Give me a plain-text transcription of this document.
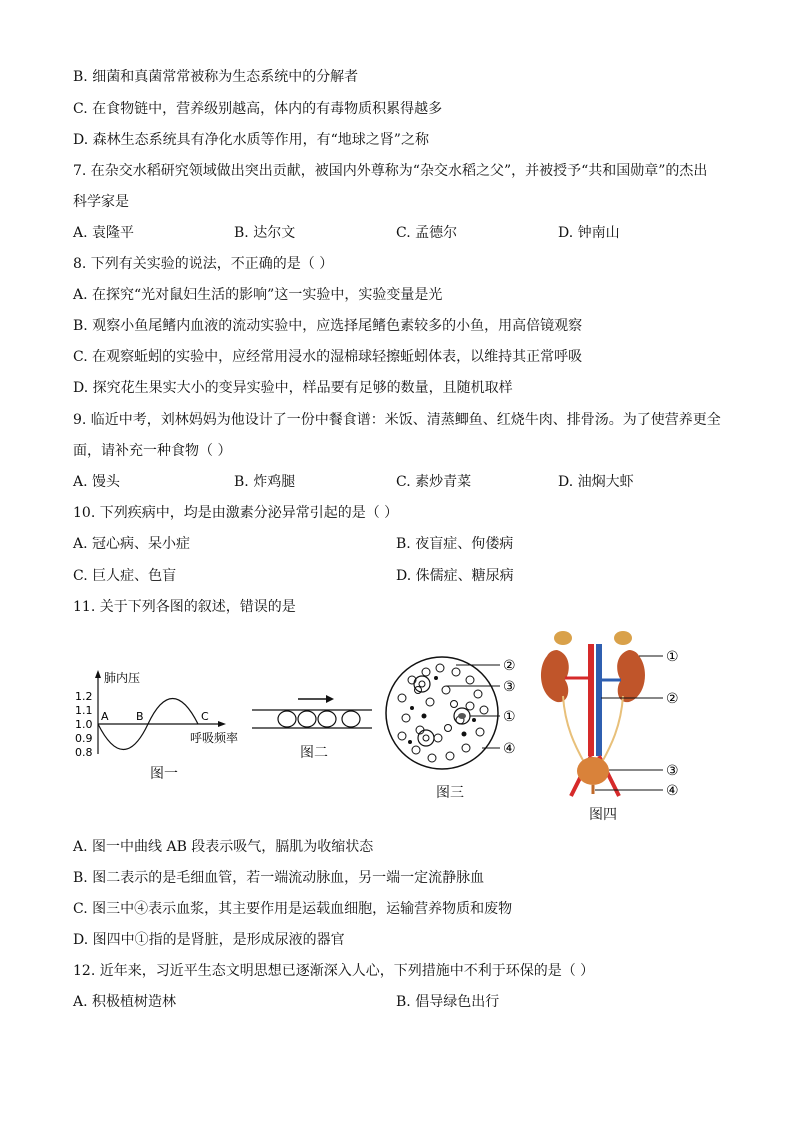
B. 细菌和真菌常常被称为生态系统中的分解者
C. 在食物链中，营养级别越高，体内的有毒物质积累得越多
D. 森林生态系统具有净化水质等作用，有“地球之肾”之称
7. 在杂交水稻研究领域做出突出贡献，被国内外尊称为“杂交水稻之父”，并被授予“共和国勋章”的杰出
科学家是
A. 袁隆平	B. 达尔文	C. 孟德尔	D. 钟南山
8. 下列有关实验的说法，不正确的是（ ）
A. 在探究“光对鼠妇生活的影响”这一实验中，实验变量是光
B. 观察小鱼尾鳍内血液的流动实验中，应选择尾鳍色素较多的小鱼，用高倍镜观察
C. 在观察蚯蚓的实验中，应经常用浸水的湿棉球轻擦蚯蚓体表，以维持其正常呼吸
D. 探究花生果实大小的变异实验中，样品要有足够的数量，且随机取样
9. 临近中考，刘林妈妈为他设计了一份中餐食谱：米饭、清蒸鲫鱼、红烧牛肉、排骨汤。为了使营养更全
面，请补充一种食物（ ）
A. 馒头	B. 炸鸡腿	C. 素炒青菜	D. 油焖大虾
10. 下列疾病中，均是由激素分泌异常引起的是（ ）
A. 冠心病、呆小症	B. 夜盲症、佝偻病
C. 巨人症、色盲	D. 侏儒症、糖尿病
11. 关于下列各图的叙述，错误的是
肺内压
1.2
1.1
1.0
0.9
0.8
A B	C
呼吸频率
图一
图二
②
③
①
④
图三
①
②
③
④
图四
A. 图一中曲线 AB 段表示吸气，膈肌为收缩状态
B. 图二表示的是毛细血管，若一端流动脉血，另一端一定流静脉血
C. 图三中④表示血浆，其主要作用是运载血细胞，运输营养物质和废物
D. 图四中①指的是肾脏，是形成尿液的器官
12. 近年来，习近平生态文明思想已逐渐深入人心，下列措施中不利于环保的是（ ）
A. 积极植树造林	B. 倡导绿色出行
